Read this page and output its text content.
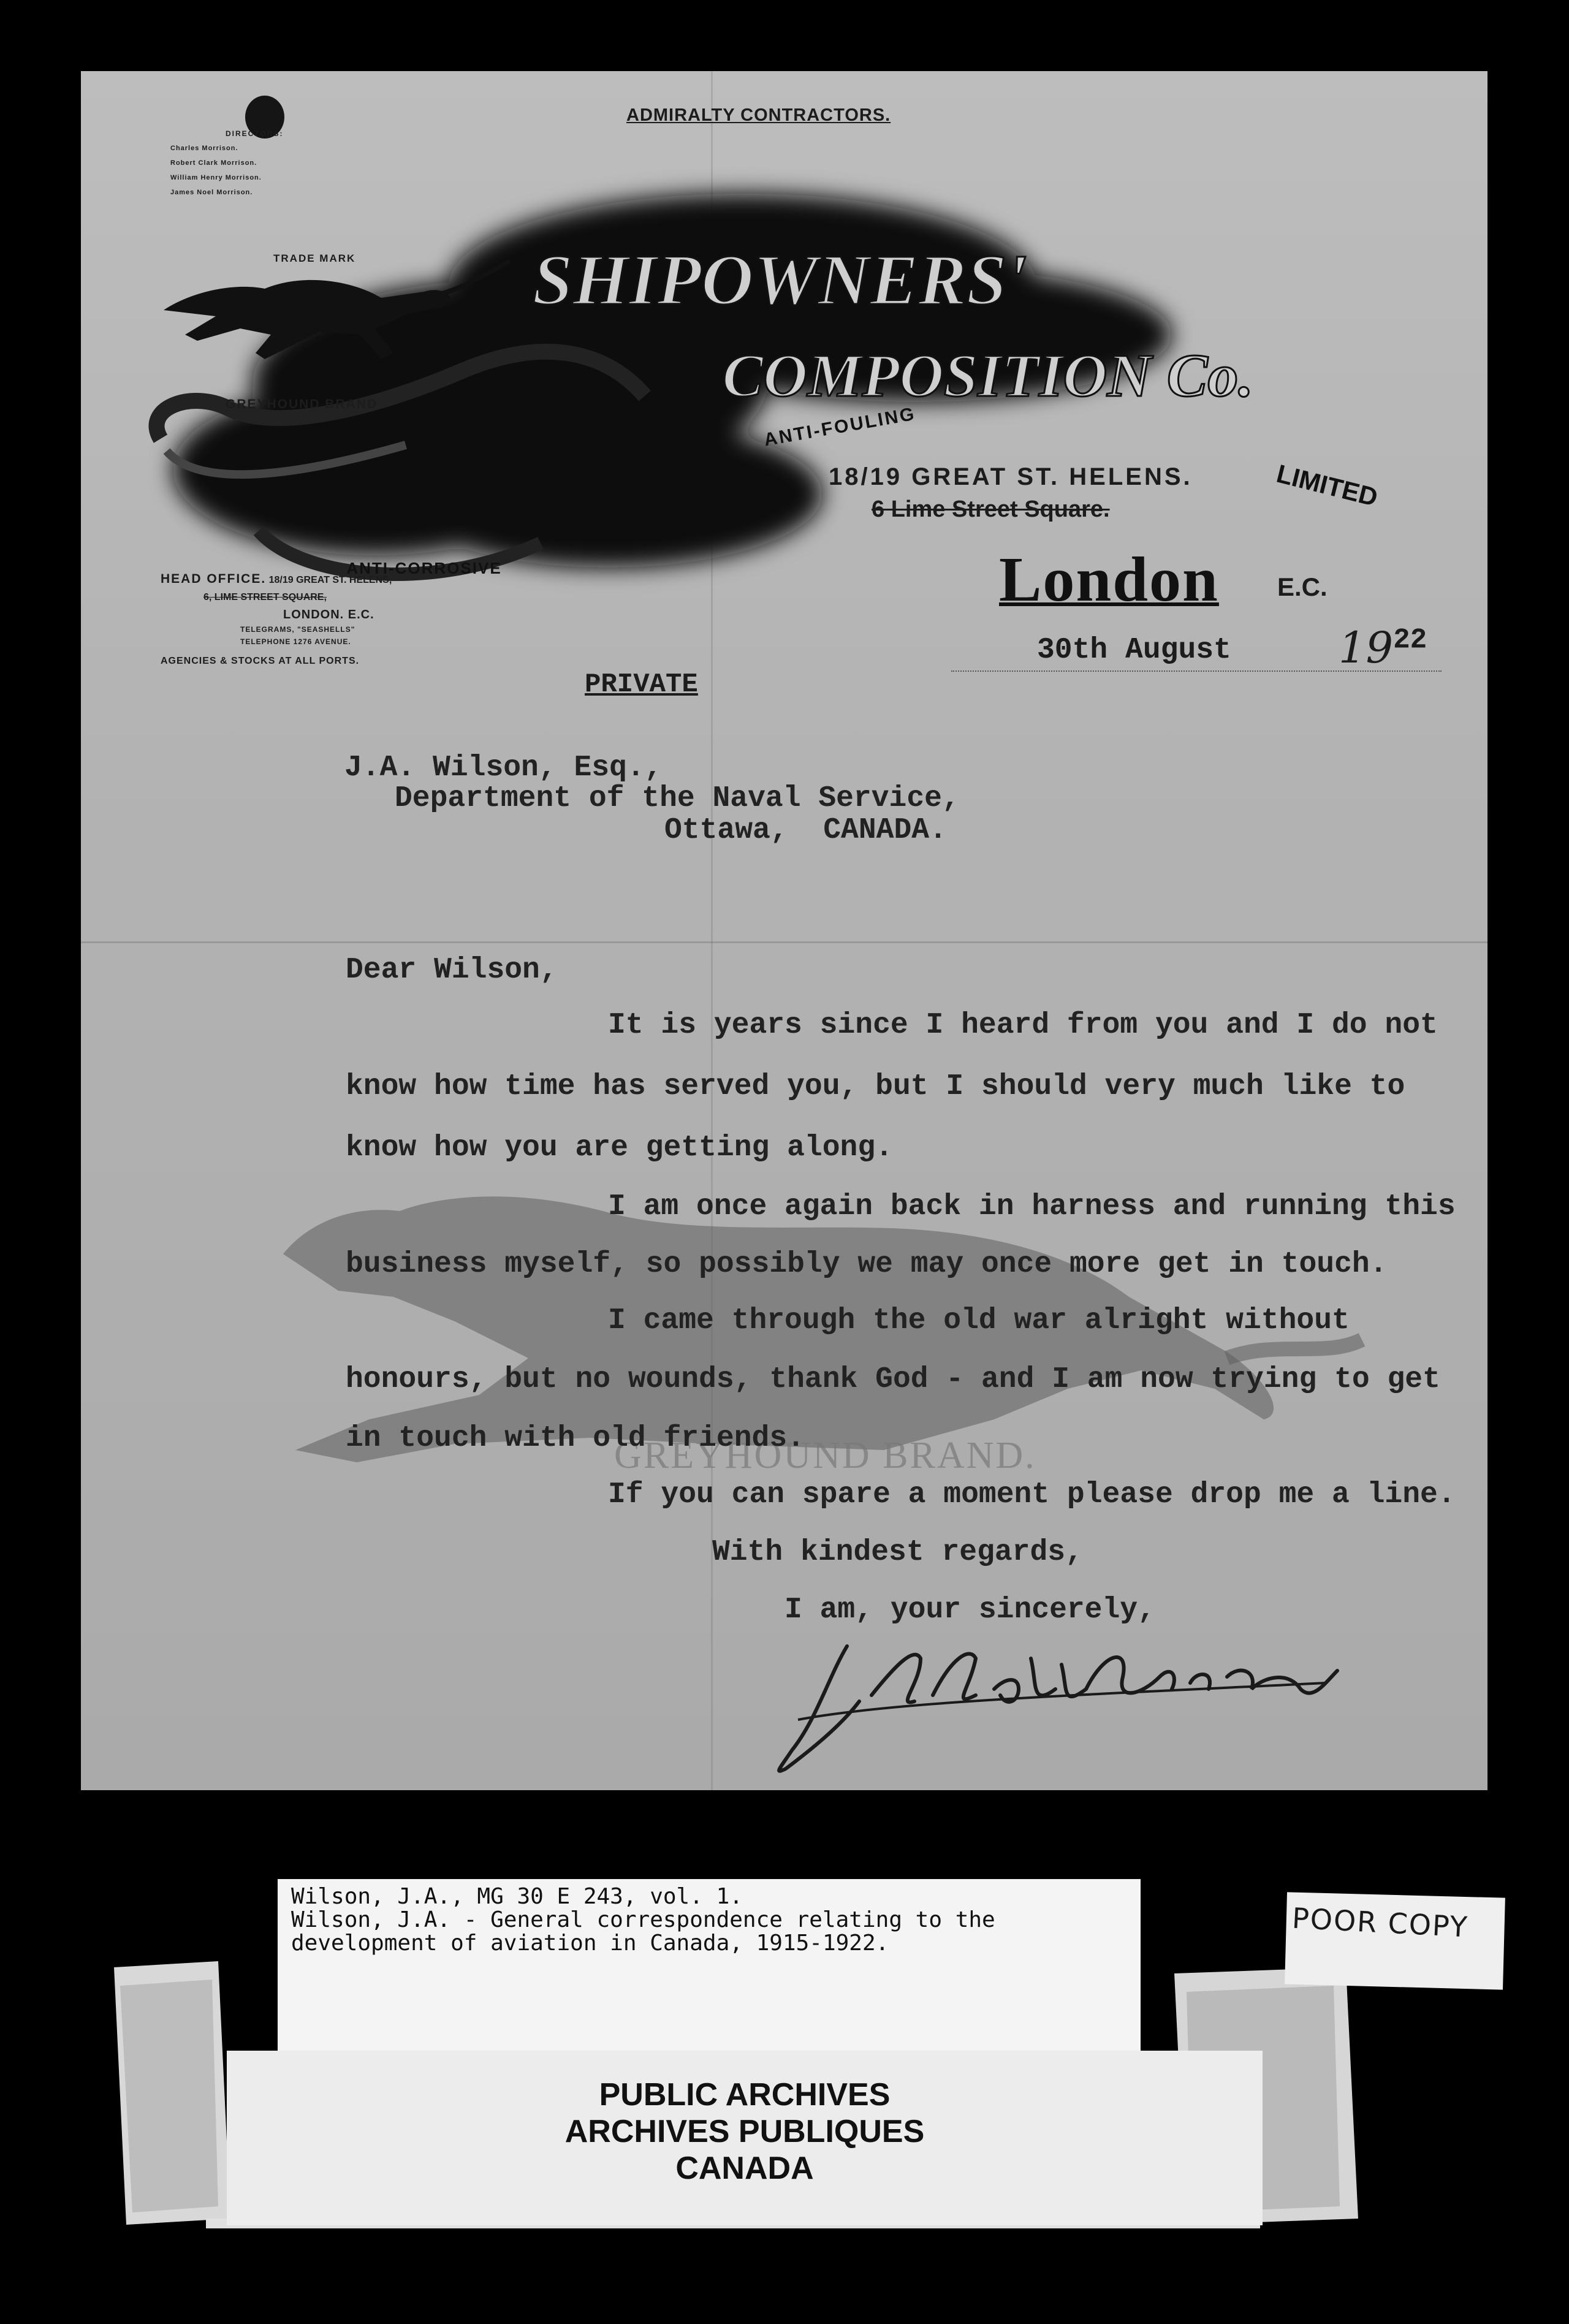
ADMIRALTY CONTRACTORS.
DIRECTORS:
Charles Morrison.
Robert Clark Morrison.
William Henry Morrison.
James Noel Morrison.
TRADE MARK SHIPOWNERS'
COMPOSITION Co.
LIMITED
ANTI-FOULING
ANTI-CORROSIVE
GREYHOUND BRAND
18/19 GREAT ST. HELENS.
6 Lime Street Square.
HEAD OFFICE. 18/19 GREAT ST. HELENS,
6, LIME STREET SQUARE,
LONDON. E.C.
TELEGRAMS, "SEASHELLS"
TELEPHONE 1276 AVENUE.
AGENCIES & STOCKS AT ALL PORTS.
London E.C.
30th August	$19^{22}$
PRIVATE
J.A. Wilson, Esq.,
Department of the Naval Service,
Ottawa,  CANADA.
GREYHOUND BRAND.
Dear Wilson,
It is years since I heard from you and I do not
know how time has served you, but I should very much like to
know how you are getting along.
I am once again back in harness and running this
business myself, so possibly we may once more get in touch.
I came through the old war alright without
honours, but no wounds, thank God - and I am now trying to get
in touch with old friends.
If you can spare a moment please drop me a line.
With kindest regards,
I am, your sincerely,
Wilson, J.A., MG 30 E 243, vol. 1.
Wilson, J.A. - General correspondence relating to the
development of aviation in Canada, 1915-1922.
PUBLIC ARCHIVES
ARCHIVES PUBLIQUES
CANADA
POOR COPY
